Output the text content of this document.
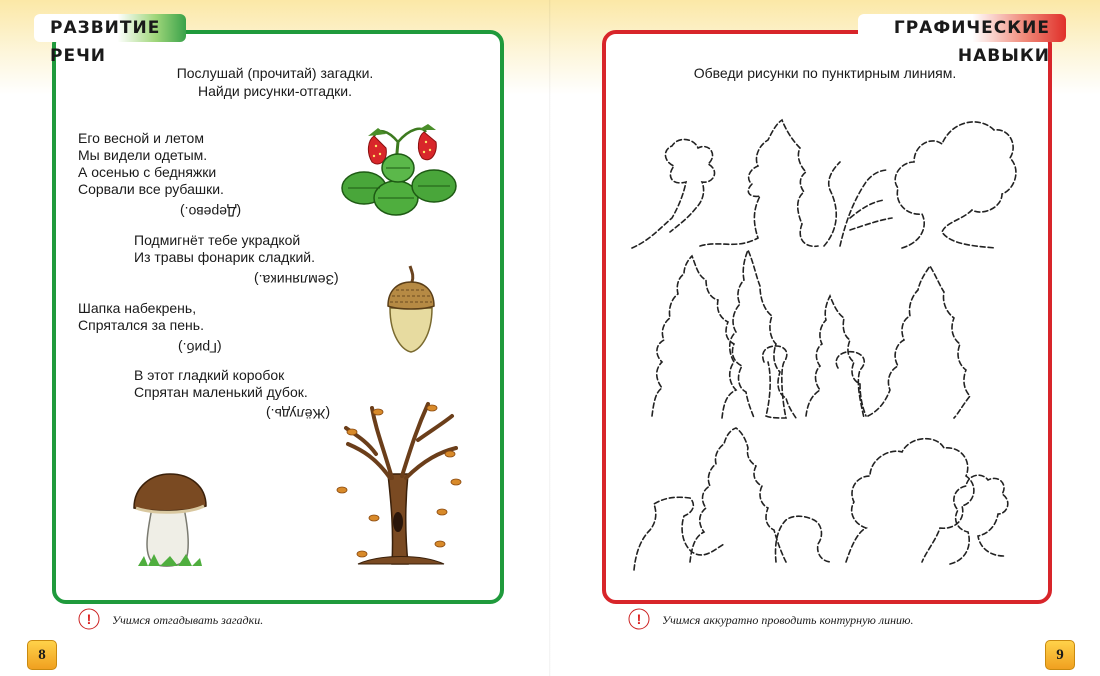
РАЗВИТИЕ РЕЧИ
Послушай (прочитай) загадки.
Найди рисунки-отгадки.
Его весной и летом
Мы видели одетым.
А осенью с бедняжки
Сорвали все рубашки.
(Дерево.)
Подмигнёт тебе украдкой
Из травы фонарик сладкий.
(Земляника.)
Шапка набекрень,
Спрятался за пень.
(Гриб.)
В этот гладкий коробок
Спрятан маленький дубок.
(Жёлудь.)
! Учимся отгадывать загадки.
8
ГРАФИЧЕСКИЕ НАВЫКИ
Обведи рисунки по пунктирным линиям.
! Учимся аккуратно проводить контурную линию.
9
